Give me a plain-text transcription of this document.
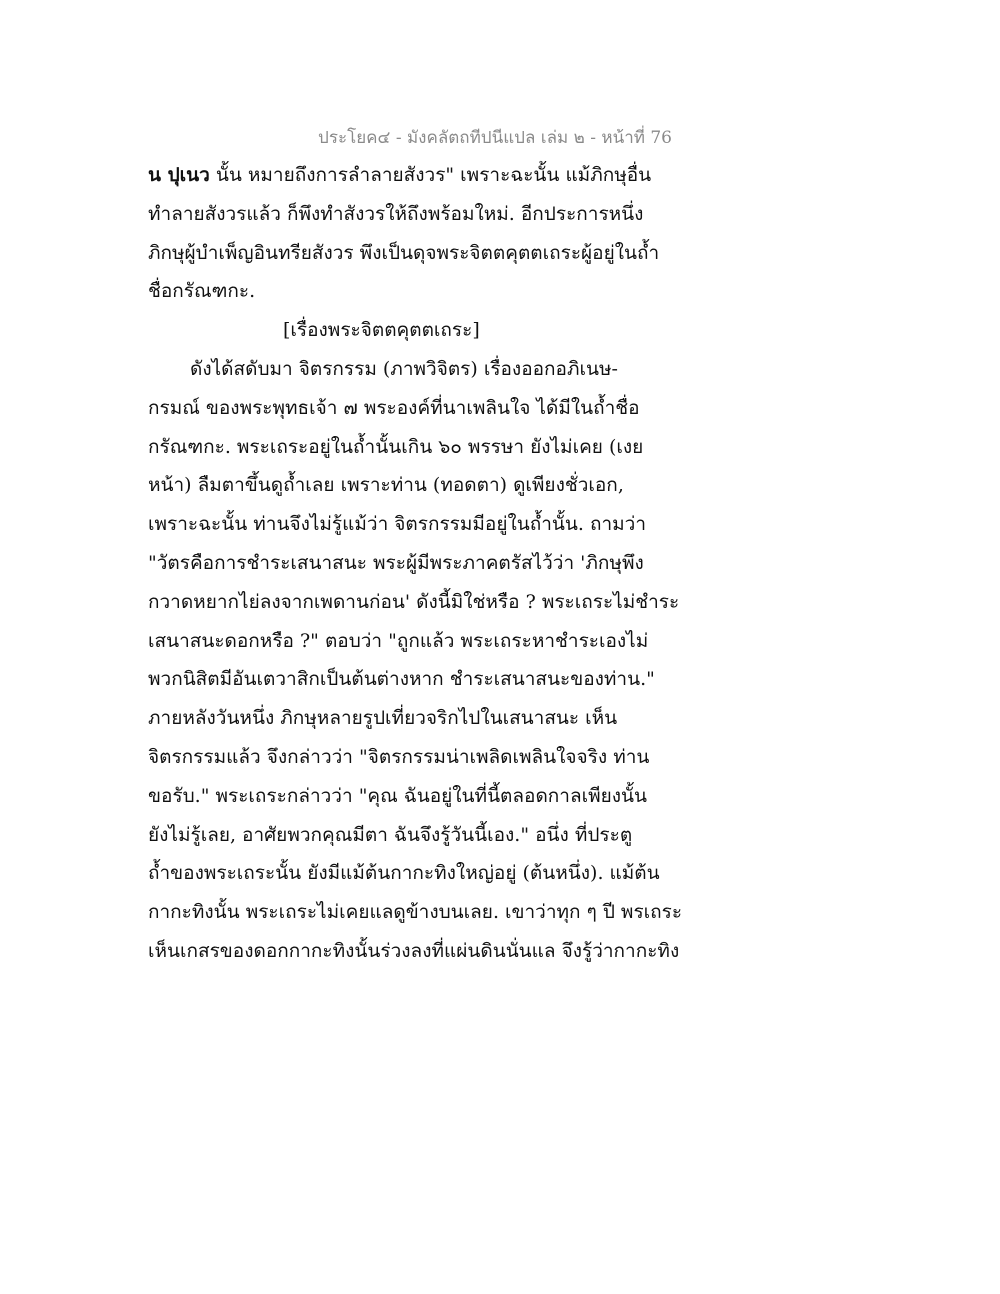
ประโยค๔ - มังคลัตถทีปนีแปล เล่ม ๒ - หน้าที่ 76
น ปุเนว นั้น หมายถึงการลำลายสังวร" เพราะฉะนั้น แม้ภิกษุอื่น
ทำลายสังวรแล้ว ก็พึงทำสังวรให้ถึงพร้อมใหม่. อีกประการหนึ่ง
ภิกษุผู้บำเพ็ญอินทรียสังวร พึงเป็นดุจพระจิตตคุตตเถระผู้อยู่ในถ้ำ
ชื่อกรัณฑกะ.
[เรื่องพระจิตตคุตตเถระ]
ดังได้สดับมา จิตรกรรม (ภาพวิจิตร) เรื่องออกอภิเนษ-
กรมณ์ ของพระพุทธเจ้า ๗ พระองค์ที่นาเพลินใจ ได้มีในถ้ำชื่อ
กรัณฑกะ. พระเถระอยู่ในถ้ำนั้นเกิน ๖๐ พรรษา ยังไม่เคย (เงย
หน้า) ลืมตาขึ้นดูถ้ำเลย เพราะท่าน (ทอดตา) ดูเพียงชั่วเอก,
เพราะฉะนั้น ท่านจึงไม่รู้แม้ว่า จิตรกรรมมีอยู่ในถ้ำนั้น. ถามว่า
"วัตรคือการชำระเสนาสนะ พระผู้มีพระภาคตรัสไว้ว่า 'ภิกษุพึง
กวาดหยากไย่ลงจากเพดานก่อน' ดังนี้มิใช่หรือ ? พระเถระไม่ชำระ
เสนาสนะดอกหรือ ?" ตอบว่า "ถูกแล้ว พระเถระหาชำระเองไม่
พวกนิสิตมีอันเตวาสิกเป็นต้นต่างหาก ชำระเสนาสนะของท่าน."
ภายหลังวันหนึ่ง ภิกษุหลายรูปเที่ยวจริกไปในเสนาสนะ เห็น
จิตรกรรมแล้ว จึงกล่าวว่า "จิตรกรรมน่าเพลิดเพลินใจจริง ท่าน
ขอรับ." พระเถระกล่าวว่า "คุณ ฉันอยู่ในที่นี้ตลอดกาลเพียงนั้น
ยังไม่รู้เลย, อาศัยพวกคุณมีตา ฉันจึงรู้วันนี้เอง." อนึ่ง ที่ประตู
ถ้ำของพระเถระนั้น ยังมีแม้ต้นกากะทิงใหญ่อยู่ (ต้นหนึ่ง). แม้ต้น
กากะทิงนั้น พระเถระไม่เคยแลดูข้างบนเลย. เขาว่าทุก ๆ ปี พรเถระ
เห็นเกสรของดอกกากะทิงนั้นร่วงลงที่แผ่นดินนั่นแล จึงรู้ว่ากากะทิง
